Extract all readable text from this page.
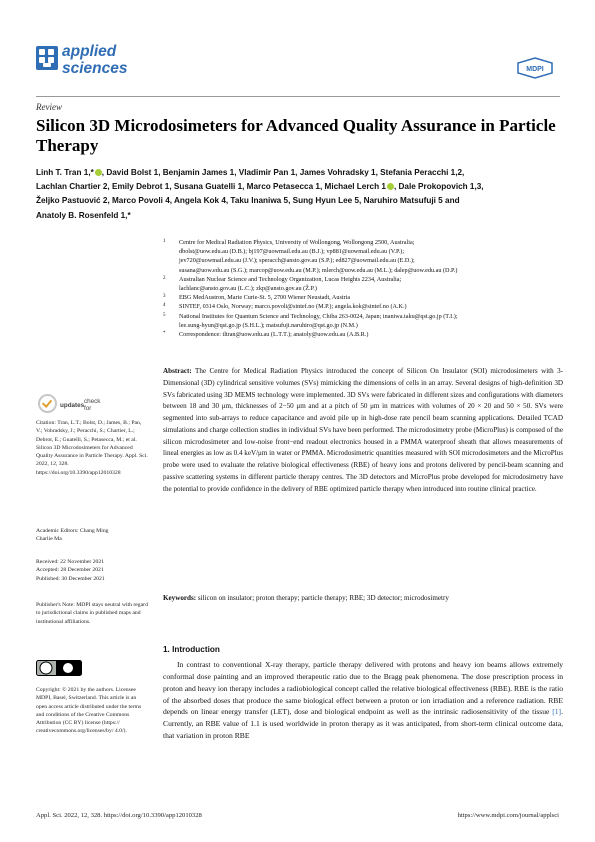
applied
sciences	MDPI
Review
Silicon 3D Microdosimeters for Advanced Quality Assurance in Particle Therapy
Linh T. Tran 1,* , David Bolst 1, Benjamin James 1, Vladimir Pan 1, James Vohradsky 1, Stefania Peracchi 1,2,
Lachlan Chartier 2, Emily Debrot 1, Susana Guatelli 1, Marco Petasecca 1, Michael Lerch 1 , Dale Prokopovich 1,3,
Željko Pastuović 2, Marco Povoli 4, Angela Kok 4, Taku Inaniwa 5, Sung Hyun Lee 5, Naruhiro Matsufuji 5 and
Anatoly B. Rosenfeld 1,*
1 Centre for Medical Radiation Physics, University of Wollongong, Wollongong 2500, Australia;
dbolst@uow.edu.au (D.B.); bj197@uowmail.edu.au (B.J.); vp881@uowmail.edu.au (V.P.);
jev720@uowmail.edu.au (J.V.); speracch@ansto.gov.au (S.P.); ed827@uowmail.edu.au (E.D.);
susana@uow.edu.au (S.G.); marcop@uow.edu.au (M.P.); mlerch@uow.edu.au (M.L.); dalep@uow.edu.au (D.P.)
2 Australian Nuclear Science and Technology Organization, Lucas Heights 2234, Australia;
lachlanc@ansto.gov.au (L.C.); zkp@ansto.gov.au (Ž.P.)
3 EBG MedAustron, Marie Curie-St. 5, 2700 Wiener Neustadt, Austria
4 SINTEF, 0314 Oslo, Norway; marco.povoli@sintef.no (M.P.); angela.kok@sintef.no (A.K.)
5 National Institutes for Quantum Science and Technology, Chiba 263-0024, Japan; inaniwa.taku@qst.go.jp (T.I.);
lee.sung-hyun@qst.go.jp (S.H.L.); matsufuji.naruhiro@qst.go.jp (N.M.)
* Correspondence: tltran@uow.edu.au (L.T.T.); anatoly@uow.edu.au (A.B.R.)
Abstract: The Centre for Medical Radiation Physics introduced the concept of Silicon On Insulator (SOI) microdosimeters with 3-Dimensional (3D) cylindrical sensitive volumes (SVs) mimicking the dimensions of cells in an array. Several designs of high-definition 3D SVs fabricated using 3D MEMS technology were implemented. 3D SVs were fabricated in different sizes and configurations with diameters between 18 and 30 μm, thicknesses of 2−50 μm and at a pitch of 50 μm in matrices with volumes of 20 × 20 and 50 × 50. SVs were segmented into sub-arrays to reduce capacitance and avoid pile up in high-dose rate pencil beam scanning applications. Detailed TCAD simulations and charge collection studies in individual SVs have been performed. The microdosimetry probe (MicroPlus) is composed of the silicon microdosimeter and low-noise front−end readout electronics housed in a PMMA waterproof sheath that allows measurements of lineal energies as low as 0.4 keV/μm in water or PMMA. Microdosimetric quantities measured with SOI microdosimeters and the MicroPlus probe were used to evaluate the relative biological effectiveness (RBE) of heavy ions and protons delivered by pencil-beam scanning and passive scattering systems in different particle therapy centres. The 3D detectors and MicroPlus probe developed for microdosimetry have the potential to provide confidence in the delivery of RBE optimized particle therapy when introduced into routine clinical practice.
Keywords: silicon on insulator; proton therapy; particle therapy; RBE; 3D detector; microdosimetry
check for

updates
Citation: Tran, L.T.; Bolst, D.; James, B.; Pan, V.; Vohradsky, J.; Peracchi, S.; Chartier, L.; Debrot, E.; Guatelli, S.; Petasecca, M.; et al. Silicon 3D Microdosimeters for Advanced Quality Assurance in Particle Therapy. Appl. Sci. 2022, 12, 328. https://doi.org/10.3390/app12010328
Academic Editors: Chang Ming
Charlie Ma
Received: 22 November 2021
Accepted: 28 December 2021
Published: 30 December 2021
Publisher's Note: MDPI stays neutral with regard to jurisdictional claims in published maps and institutional affiliations.
Copyright: © 2021 by the authors. Licensee MDPI, Basel, Switzerland. This article is an open access article distributed under the terms and conditions of the Creative Commons Attribution (CC BY) license (https:// creativecommons.org/licenses/by/ 4.0/).
1. Introduction

In contrast to conventional X-ray therapy, particle therapy delivered with protons and heavy ion beams allows extremely conformal dose painting and an improved therapeutic ratio due to the Bragg peak phenomena. The dose prescription process in proton and heavy ion therapy includes a radiobiological concept called the relative biological effectiveness (RBE). RBE is the ratio of the absorbed doses that produce the same biological effect between a proton or ion irradiation and a reference radiation. RBE depends on linear energy transfer (LET), dose and biological endpoint as well as the intrinsic radiosensitivity of the tissue [1]. Currently, an RBE value of 1.1 is used worldwide in proton therapy as it was anticipated, from short-term clinical outcome data, that variation in proton RBE

Appl. Sci. 2022, 12, 328. https://doi.org/10.3390/app12010328	https://www.mdpi.com/journal/applsci
